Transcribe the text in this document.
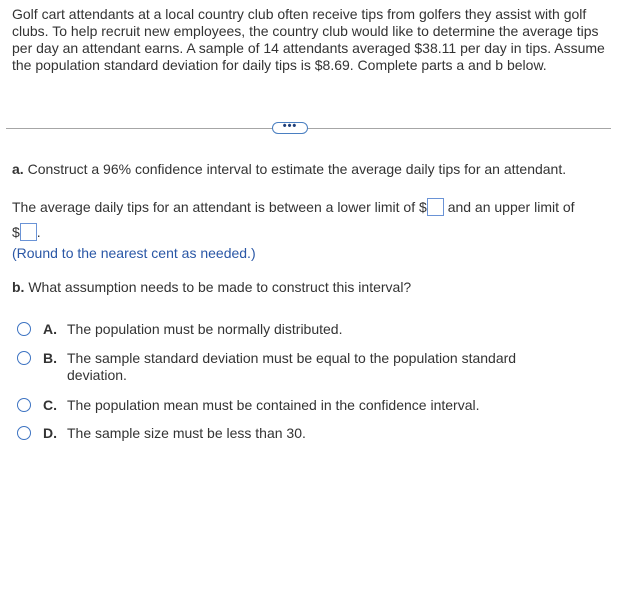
Golf cart attendants at a local country club often receive tips from golfers they assist with golf clubs. To help recruit new employees, the country club would like to determine the average tips per day an attendant earns. A sample of 14 attendants averaged $38.11 per day in tips. Assume the population standard deviation for daily tips is $8.69. Complete parts a and b below.
•••
a. Construct a 96% confidence interval to estimate the average daily tips for an attendant.
The average daily tips for an attendant is between a lower limit of $ and an upper limit of
$ .
(Round to the nearest cent as needed.)
b. What assumption needs to be made to construct this interval?
A. The population must be normally distributed.
B. The sample standard deviation must be equal to the population standard deviation.
C. The population mean must be contained in the confidence interval.
D. The sample size must be less than 30.
